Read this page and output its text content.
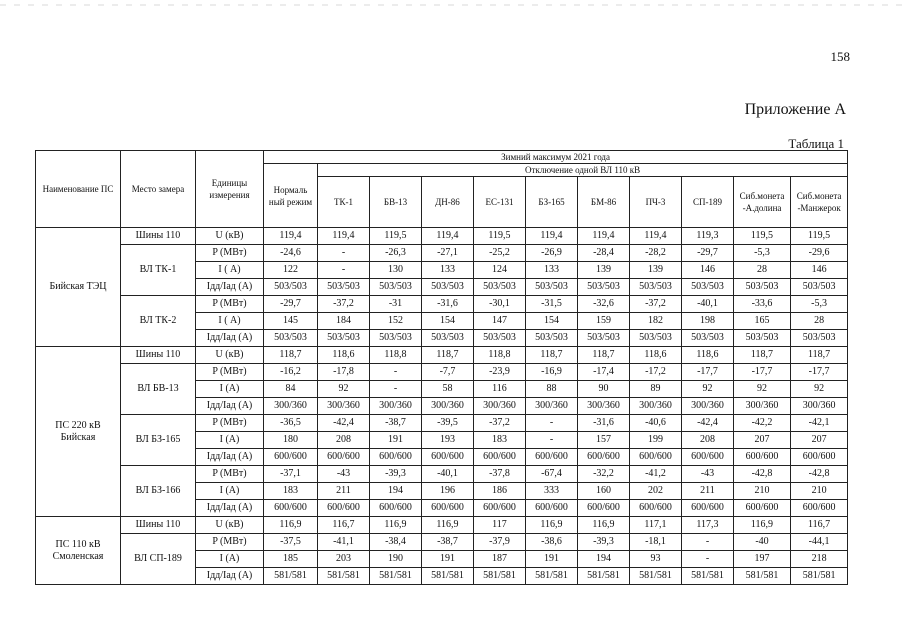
158
Приложение А
Таблица 1
Наименование ПС	Место замера	Единицы измерения	Зимний максимум 2021 года										
			Нормаль ный режим	Отключение одной ВЛ 110 кВ									
				ТК-1	БВ-13	ДН-86	ЕС-131	БЗ-165	БМ-86	ПЧ-3	СП-189	Сиб.монета -А.долина	Сиб.монета -Манжерок
Бийская ТЭЦ	Шины 110	U (кВ)	119,4	119,4	119,5	119,4	119,5	119,4	119,4	119,4	119,3	119,5	119,5
	ВЛ ТК-1	P (МВт)	-24,6	-	-26,3	-27,1	-25,2	-26,9	-28,4	-28,2	-29,7	-5,3	-29,6
		I ( А)	122	-	130	133	124	133	139	139	146	28	146
		Iдд/Iад (А)	503/503	503/503	503/503	503/503	503/503	503/503	503/503	503/503	503/503	503/503	503/503
	ВЛ ТК-2	P (МВт)	-29,7	-37,2	-31	-31,6	-30,1	-31,5	-32,6	-37,2	-40,1	-33,6	-5,3
		I ( А)	145	184	152	154	147	154	159	182	198	165	28
		Iдд/Iад (А)	503/503	503/503	503/503	503/503	503/503	503/503	503/503	503/503	503/503	503/503	503/503
ПС 220 кВ Бийская	Шины 110	U (кВ)	118,7	118,6	118,8	118,7	118,8	118,7	118,7	118,6	118,6	118,7	118,7
	ВЛ БВ-13	P (МВт)	-16,2	-17,8	-	-7,7	-23,9	-16,9	-17,4	-17,2	-17,7	-17,7	-17,7
		I (А)	84	92	-	58	116	88	90	89	92	92	92
		Iдд/Iад (А)	300/360	300/360	300/360	300/360	300/360	300/360	300/360	300/360	300/360	300/360	300/360
	ВЛ БЗ-165	P (МВт)	-36,5	-42,4	-38,7	-39,5	-37,2	-	-31,6	-40,6	-42,4	-42,2	-42,1
		I (А)	180	208	191	193	183	-	157	199	208	207	207
		Iдд/Iад (А)	600/600	600/600	600/600	600/600	600/600	600/600	600/600	600/600	600/600	600/600	600/600
	ВЛ БЗ-166	P (МВт)	-37,1	-43	-39,3	-40,1	-37,8	-67,4	-32,2	-41,2	-43	-42,8	-42,8
		I (А)	183	211	194	196	186	333	160	202	211	210	210
		Iдд/Iад (А)	600/600	600/600	600/600	600/600	600/600	600/600	600/600	600/600	600/600	600/600	600/600
ПС 110 кВ Смоленская	Шины 110	U (кВ)	116,9	116,7	116,9	116,9	117	116,9	116,9	117,1	117,3	116,9	116,7
	ВЛ СП-189	P (МВт)	-37,5	-41,1	-38,4	-38,7	-37,9	-38,6	-39,3	-18,1	-	-40	-44,1
		I (А)	185	203	190	191	187	191	194	93	-	197	218
		Iдд/Iад (А)	581/581	581/581	581/581	581/581	581/581	581/581	581/581	581/581	581/581	581/581	581/581
